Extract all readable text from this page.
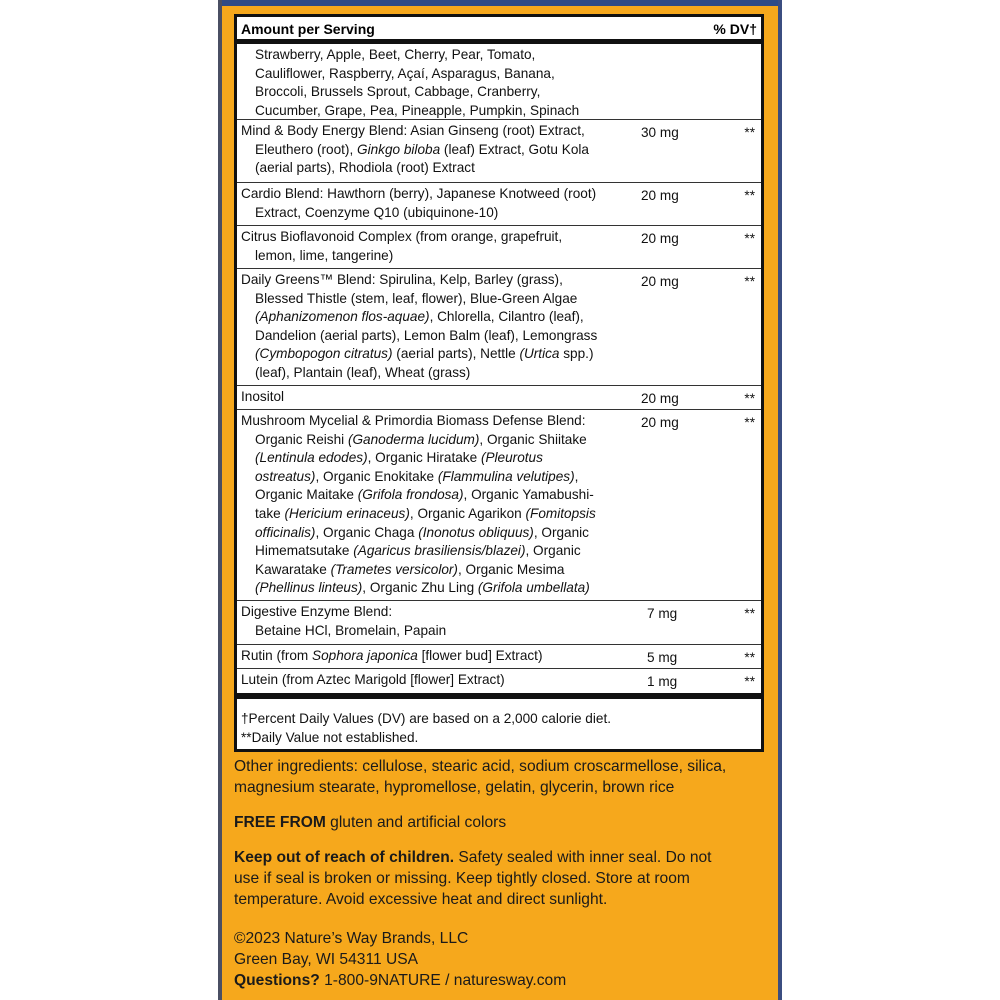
Amount per Serving	% DV†
Strawberry, Apple, Beet, Cherry, Pear, Tomato,
Cauliflower, Raspberry, Açaí, Asparagus, Banana,
Broccoli, Brussels Sprout, Cabbage, Cranberry,
Cucumber, Grape, Pea, Pineapple, Pumpkin, Spinach
Mind & Body Energy Blend: Asian Ginseng (root) Extract,
Eleuthero (root), Ginkgo biloba (leaf) Extract, Gotu Kola
(aerial parts), Rhodiola (root) Extract
30 mg	**
Cardio Blend: Hawthorn (berry), Japanese Knotweed (root)
Extract, Coenzyme Q10 (ubiquinone-10)
20 mg	**
Citrus Bioflavonoid Complex (from orange, grapefruit,
lemon, lime, tangerine)
20 mg	**
Daily Greens™ Blend: Spirulina, Kelp, Barley (grass),
Blessed Thistle (stem, leaf, flower), Blue-Green Algae
(Aphanizomenon flos-aquae), Chlorella, Cilantro (leaf),
Dandelion (aerial parts), Lemon Balm (leaf), Lemongrass
(Cymbopogon citratus) (aerial parts), Nettle (Urtica spp.)
(leaf), Plantain (leaf), Wheat (grass)
20 mg	**
Inositol	20 mg	**
Mushroom Mycelial & Primordia Biomass Defense Blend:
Organic Reishi (Ganoderma lucidum), Organic Shiitake
(Lentinula edodes), Organic Hiratake (Pleurotus
ostreatus), Organic Enokitake (Flammulina velutipes),
Organic Maitake (Grifola frondosa), Organic Yamabushi-
take (Hericium erinaceus), Organic Agarikon (Fomitopsis
officinalis), Organic Chaga (Inonotus obliquus), Organic
Himematsutake (Agaricus brasiliensis/blazei), Organic
Kawaratake (Trametes versicolor), Organic Mesima
(Phellinus linteus), Organic Zhu Ling (Grifola umbellata)
20 mg	**
Digestive Enzyme Blend:
Betaine HCl, Bromelain, Papain
7 mg	**
Rutin (from Sophora japonica [flower bud] Extract)	5 mg	**
Lutein (from Aztec Marigold [flower] Extract)	1 mg	**
†Percent Daily Values (DV) are based on a 2,000 calorie diet.
**Daily Value not established.
Other ingredients: cellulose, stearic acid, sodium croscarmellose, silica,
magnesium stearate, hypromellose, gelatin, glycerin, brown rice
FREE FROM gluten and artificial colors
Keep out of reach of children. Safety sealed with inner seal. Do not
use if seal is broken or missing. Keep tightly closed. Store at room
temperature. Avoid excessive heat and direct sunlight.
©2023 Nature’s Way Brands, LLC
Green Bay, WI 54311 USA
Questions? 1-800-9NATURE / naturesway.com
